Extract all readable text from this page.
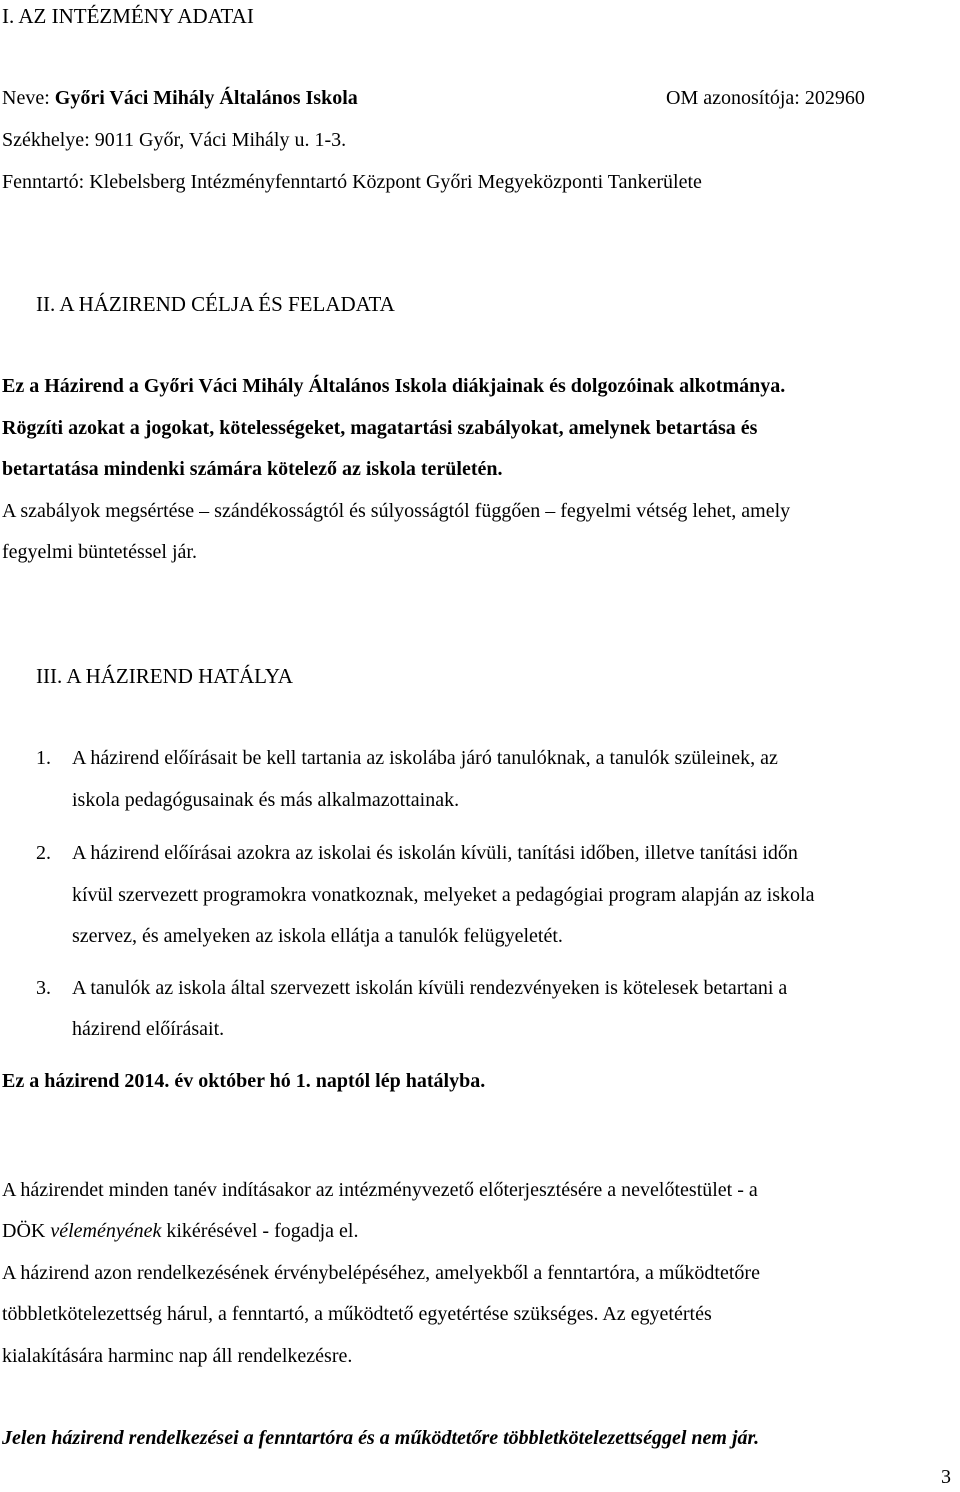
I. AZ INTÉZMÉNY ADATAI
Neve: Győri Váci Mihály Általános Iskola	OM azonosítója: 202960
Székhelye: 9011 Győr, Váci Mihály u. 1-3.
Fenntartó: Klebelsberg Intézményfenntartó Központ Győri Megyeközponti Tankerülete
II. A HÁZIREND CÉLJA ÉS FELADATA
Ez a Házirend a Győri Váci Mihály Általános Iskola diákjainak és dolgozóinak alkotmánya.
Rögzíti azokat a jogokat, kötelességeket, magatartási szabályokat, amelynek betartása és
betartatása mindenki számára kötelező az iskola területén.
A szabályok megsértése – szándékosságtól és súlyosságtól függően – fegyelmi vétség lehet, amely
fegyelmi büntetéssel jár.
III. A HÁZIREND HATÁLYA
1. A házirend előírásait be kell tartania az iskolába járó tanulóknak, a tanulók szüleinek, az
iskola pedagógusainak és más alkalmazottainak.
2. A házirend előírásai azokra az iskolai és iskolán kívüli, tanítási időben, illetve tanítási időn
kívül szervezett programokra vonatkoznak, melyeket a pedagógiai program alapján az iskola
szervez, és amelyeken az iskola ellátja a tanulók felügyeletét.
3. A tanulók az iskola által szervezett iskolán kívüli rendezvényeken is kötelesek betartani a
házirend előírásait.
Ez a házirend 2014. év október hó 1. naptól lép hatályba.
A házirendet minden tanév indításakor az intézményvezető előterjesztésére a nevelőtestület - a
DÖK véleményének kikérésével - fogadja el.
A házirend azon rendelkezésének érvénybelépéséhez, amelyekből a fenntartóra, a működtetőre
többletkötelezettség hárul, a fenntartó, a működtető egyetértése szükséges. Az egyetértés
kialakítására harminc nap áll rendelkezésre.
Jelen házirend rendelkezései a fenntartóra és a működtetőre többletkötelezettséggel nem jár.
3
